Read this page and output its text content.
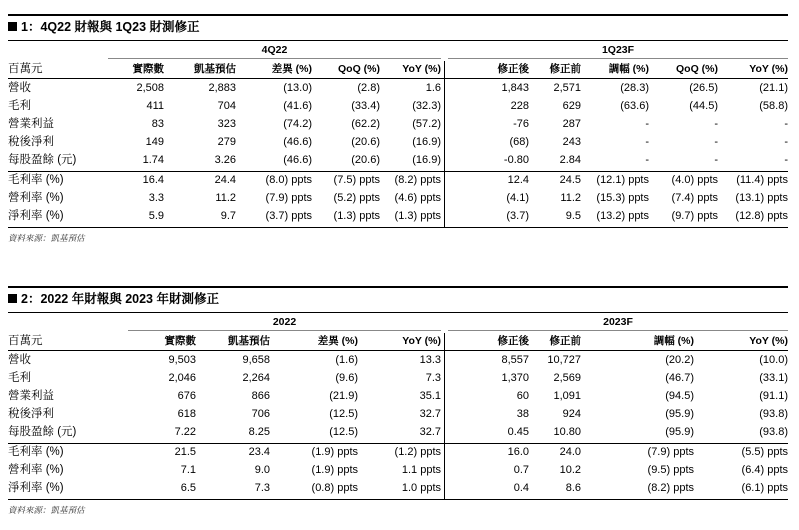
1：4Q22 財報與 1Q23 財測修正
4Q22	1Q23F
百萬元	實際數	凱基預估	差異 (%)	QoQ (%)	YoY (%)	修正後	修正前	調幅 (%)	QoQ (%)	YoY (%)
營收	2,508	2,883	(13.0)	(2.8)	1.6	1,843	2,571	(28.3)	(26.5)	(21.1)
毛利	411	704	(41.6)	(33.4)	(32.3)	228	629	(63.6)	(44.5)	(58.8)
營業利益	83	323	(74.2)	(62.2)	(57.2)	-76	287	-	-	-
稅後淨利	149	279	(46.6)	(20.6)	(16.9)	(68)	243	-	-	-
每股盈餘 (元)	1.74	3.26	(46.6)	(20.6)	(16.9)	-0.80	2.84	-	-	-
毛利率 (%)	16.4	24.4	(8.0) ppts	(7.5) ppts	(8.2) ppts	12.4	24.5	(12.1) ppts	(4.0) ppts	(11.4) ppts
營利率 (%)	3.3	11.2	(7.9) ppts	(5.2) ppts	(4.6) ppts	(4.1)	11.2	(15.3) ppts	(7.4) ppts	(13.1) ppts
淨利率 (%)	5.9	9.7	(3.7) ppts	(1.3) ppts	(1.3) ppts	(3.7)	9.5	(13.2) ppts	(9.7) ppts	(12.8) ppts
資料來源：凱基預估
2：2022 年財報與 2023 年財測修正
2022	2023F
百萬元	實際數	凱基預估	差異 (%)	YoY (%)	修正後	修正前	調幅 (%)	YoY (%)
營收	9,503	9,658	(1.6)	13.3	8,557	10,727	(20.2)	(10.0)
毛利	2,046	2,264	(9.6)	7.3	1,370	2,569	(46.7)	(33.1)
營業利益	676	866	(21.9)	35.1	60	1,091	(94.5)	(91.1)
稅後淨利	618	706	(12.5)	32.7	38	924	(95.9)	(93.8)
每股盈餘 (元)	7.22	8.25	(12.5)	32.7	0.45	10.80	(95.9)	(93.8)
毛利率 (%)	21.5	23.4	(1.9) ppts	(1.2) ppts	16.0	24.0	(7.9) ppts	(5.5) ppts
營利率 (%)	7.1	9.0	(1.9) ppts	1.1 ppts	0.7	10.2	(9.5) ppts	(6.4) ppts
淨利率 (%)	6.5	7.3	(0.8) ppts	1.0 ppts	0.4	8.6	(8.2) ppts	(6.1) ppts
資料來源：凱基預估
